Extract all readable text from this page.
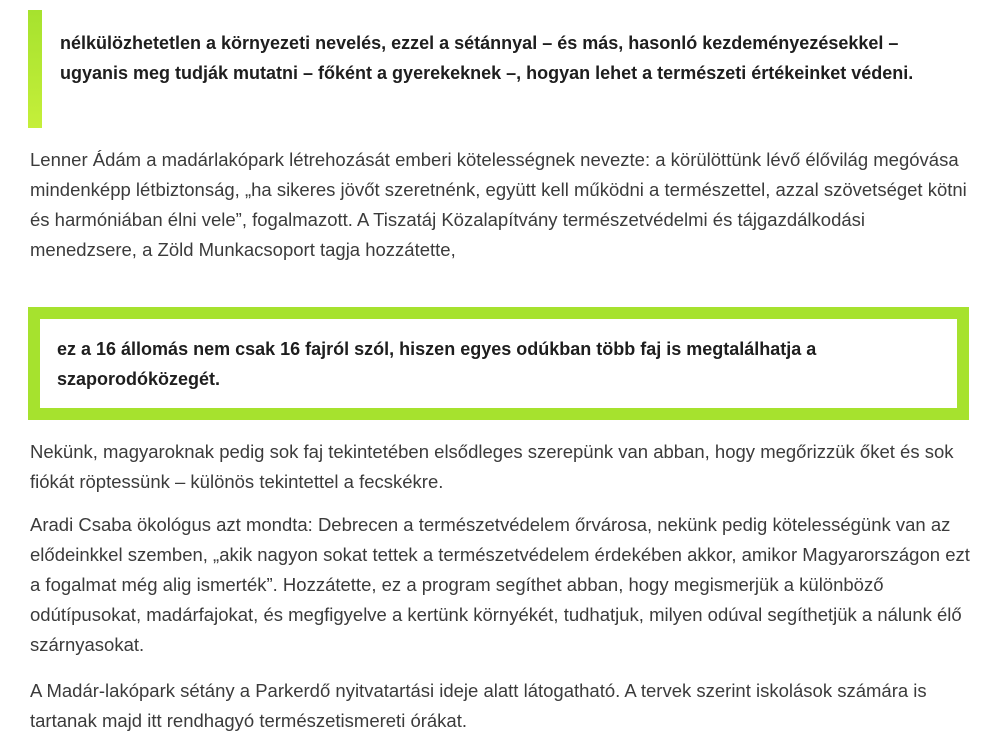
nélkülözhetetlen a környezeti nevelés, ezzel a sétánnyal – és más, hasonló kezdeményezésekkel – ugyanis meg tudják mutatni – főként a gyerekeknek –, hogyan lehet a természeti értékeinket védeni.

Lenner Ádám a madárlakópark létrehozását emberi kötelességnek nevezte: a körülöttünk lévő élővilág megóvása mindenképp létbiztonság, „ha sikeres jövőt szeretnénk, együtt kell működni a természettel, azzal szövetséget kötni és harmóniában élni vele”, fogalmazott. A Tiszatáj Közalapítvány természetvédelmi és tájgazdálkodási menedzsere, a Zöld Munkacsoport tagja hozzátette,

ez a 16 állomás nem csak 16 fajról szól, hiszen egyes odúkban több faj is megtalálhatja a szaporodóközegét.

Nekünk, magyaroknak pedig sok faj tekintetében elsődleges szerepünk van abban, hogy megőrizzük őket és sok fiókát röptessünk – különös tekintettel a fecskékre.

Aradi Csaba ökológus azt mondta: Debrecen a természetvédelem őrvárosa, nekünk pedig kötelességünk van az elődeinkkel szemben, „akik nagyon sokat tettek a természetvédelem érdekében akkor, amikor Magyarországon ezt a fogalmat még alig ismerték”. Hozzátette, ez a program segíthet abban, hogy megismerjük a különböző odútípusokat, madárfajokat, és megfigyelve a kertünk környékét, tudhatjuk, milyen odúval segíthetjük a nálunk élő szárnyasokat.

A Madár-lakópark sétány a Parkerdő nyitvatartási ideje alatt látogatható. A tervek szerint iskolások számára is tartanak majd itt rendhagyó természetismereti órákat.
